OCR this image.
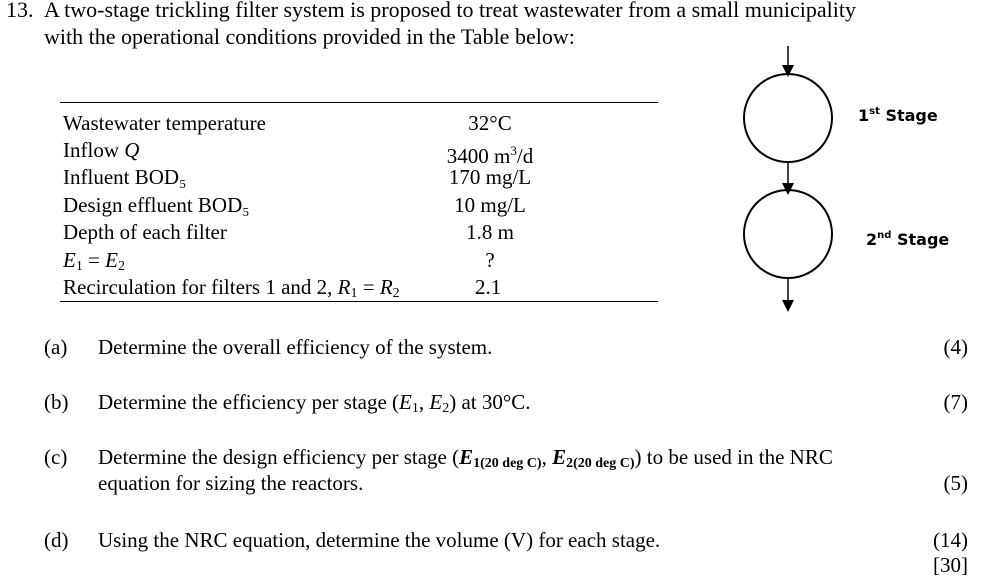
13. A two-stage trickling filter system is proposed to treat wastewater from a small municipality
with the operational conditions provided in the Table below:
Wastewater temperature	32°C
Inflow Q	3400 $m^3/d$
Influent BOD₅	170 mg/L
Design effluent BOD₅	10 mg/L
Depth of each filter	1.8 m
$E_1 = E_2$	?
Recirculation for filters 1 and 2, $R_1 = R_2$	2.1
1st Stage
2nd Stage
(a) Determine the overall efficiency of the system.	(4)
(b) Determine the efficiency per stage ($E_1$, $E_2$) at 30°C.	(7)
(c) Determine the design efficiency per stage ($E_{1(20 deg C)}$, $E_{2(20 deg C)}$) to be used in the NRC
equation for sizing the reactors.	(5)
(d) Using the NRC equation, determine the volume (V) for each stage.	(14)
[30]
